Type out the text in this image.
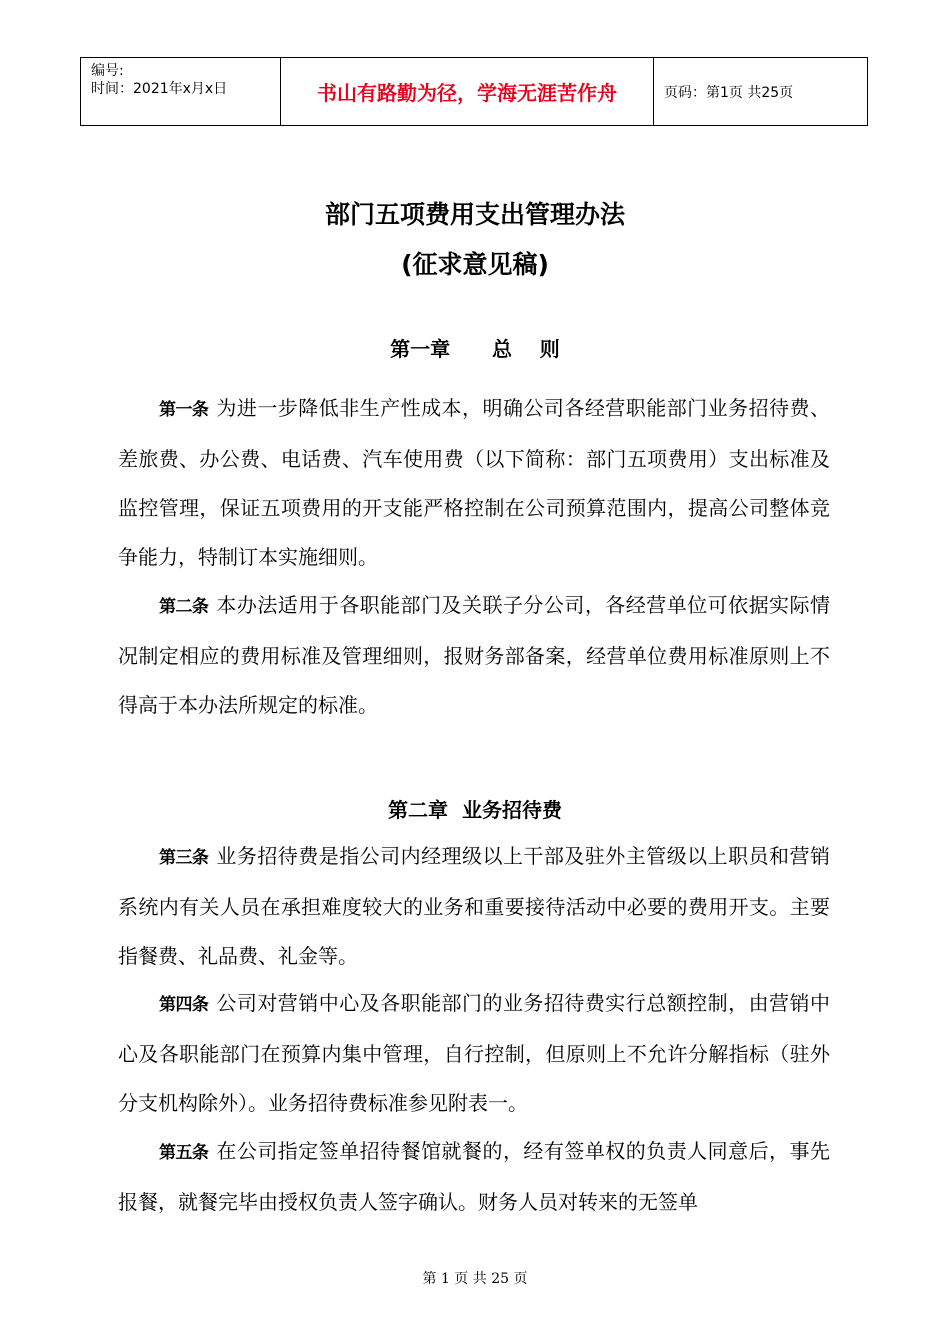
编号:
时间：2021年x月x日	书山有路勤为径，学海无涯苦作舟	页码：第1页 共25页
部门五项费用支出管理办法
(征求意见稿)
第一章      总    则

第一条 为进一步降低非生产性成本，明确公司各经营职能部门业务招待费、差旅费、办公费、电话费、汽车使用费（以下简称：部门五项费用）支出标准及监控管理，保证五项费用的开支能严格控制在公司预算范围内，提高公司整体竞争能力，特制订本实施细则。

第二条 本办法适用于各职能部门及关联子分公司，各经营单位可依据实际情况制定相应的费用标准及管理细则，报财务部备案，经营单位费用标准原则上不得高于本办法所规定的标准。

第二章  业务招待费

第三条 业务招待费是指公司内经理级以上干部及驻外主管级以上职员和营销系统内有关人员在承担难度较大的业务和重要接待活动中必要的费用开支。主要指餐费、礼品费、礼金等。

第四条 公司对营销中心及各职能部门的业务招待费实行总额控制，由营销中心及各职能部门在预算内集中管理，自行控制，但原则上不允许分解指标（驻外分支机构除外）。业务招待费标准参见附表一。

第五条 在公司指定签单招待餐馆就餐的，经有签单权的负责人同意后，事先报餐，就餐完毕由授权负责人签字确认。财务人员对转来的无签单

第 1 页 共 25 页
